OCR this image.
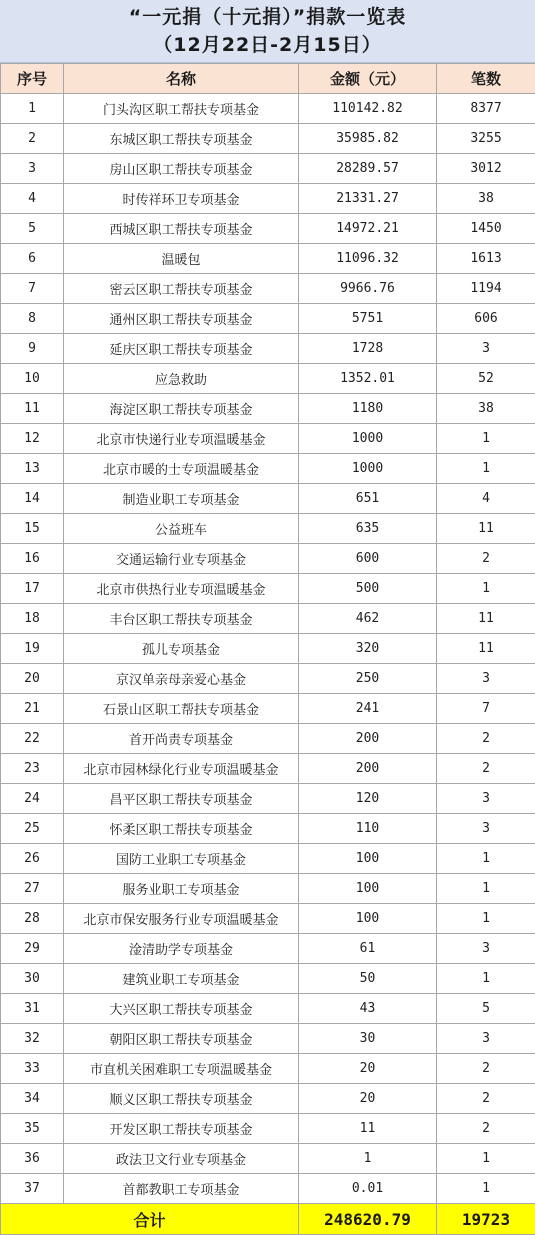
“一元捐（十元捐）”捐款一览表
（12月22日-2月15日）
序号	名称	金额（元）	笔数
1	门头沟区职工帮扶专项基金	110142.82	8377
2	东城区职工帮扶专项基金	35985.82	3255
3	房山区职工帮扶专项基金	28289.57	3012
4	时传祥环卫专项基金	21331.27	38
5	西城区职工帮扶专项基金	14972.21	1450
6	温暖包	11096.32	1613
7	密云区职工帮扶专项基金	9966.76	1194
8	通州区职工帮扶专项基金	5751	606
9	延庆区职工帮扶专项基金	1728	3
10	应急救助	1352.01	52
11	海淀区职工帮扶专项基金	1180	38
12	北京市快递行业专项温暖基金	1000	1
13	北京市暖的士专项温暖基金	1000	1
14	制造业职工专项基金	651	4
15	公益班车	635	11
16	交通运输行业专项基金	600	2
17	北京市供热行业专项温暖基金	500	1
18	丰台区职工帮扶专项基金	462	11
19	孤儿专项基金	320	11
20	京汉单亲母亲爱心基金	250	3
21	石景山区职工帮扶专项基金	241	7
22	首开尚责专项基金	200	2
23	北京市园林绿化行业专项温暖基金	200	2
24	昌平区职工帮扶专项基金	120	3
25	怀柔区职工帮扶专项基金	110	3
26	国防工业职工专项基金	100	1
27	服务业职工专项基金	100	1
28	北京市保安服务行业专项温暖基金	100	1
29	淦清助学专项基金	61	3
30	建筑业职工专项基金	50	1
31	大兴区职工帮扶专项基金	43	5
32	朝阳区职工帮扶专项基金	30	3
33	市直机关困难职工专项温暖基金	20	2
34	顺义区职工帮扶专项基金	20	2
35	开发区职工帮扶专项基金	11	2
36	政法卫文行业专项基金	1	1
37	首都教职工专项基金	0.01	1
合计		248620.79	19723
